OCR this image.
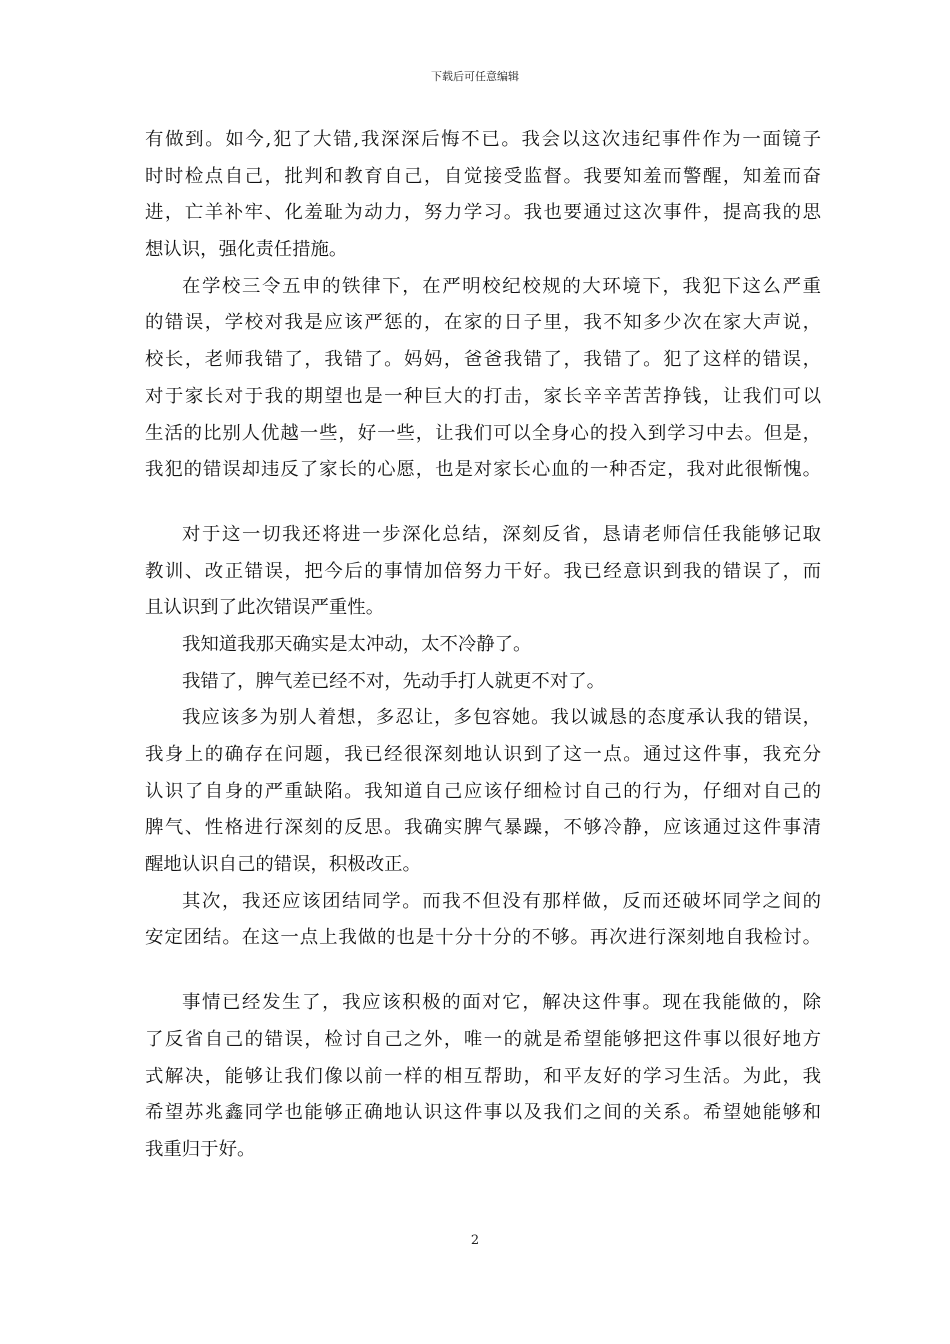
下载后可任意编辑
有做到。如今,犯了大错,我深深后悔不已。我会以这次违纪事件作为一面镜子
时时检点自己，批判和教育自己，自觉接受监督。我要知羞而警醒，知羞而奋
进，亡羊补牢、化羞耻为动力，努力学习。我也要通过这次事件，提高我的思
想认识，强化责任措施。
在学校三令五申的铁律下，在严明校纪校规的大环境下，我犯下这么严重
的错误，学校对我是应该严惩的，在家的日子里，我不知多少次在家大声说，
校长，老师我错了，我错了。妈妈，爸爸我错了，我错了。犯了这样的错误，
对于家长对于我的期望也是一种巨大的打击，家长辛辛苦苦挣钱，让我们可以
生活的比别人优越一些，好一些，让我们可以全身心的投入到学习中去。但是，
我犯的错误却违反了家长的心愿，也是对家长心血的一种否定，我对此很惭愧。
对于这一切我还将进一步深化总结，深刻反省，恳请老师信任我能够记取
教训、改正错误，把今后的事情加倍努力干好。我已经意识到我的错误了，而
且认识到了此次错误严重性。
我知道我那天确实是太冲动，太不冷静了。
我错了，脾气差已经不对，先动手打人就更不对了。
我应该多为别人着想，多忍让，多包容她。我以诚恳的态度承认我的错误，
我身上的确存在问题，我已经很深刻地认识到了这一点。通过这件事，我充分
认识了自身的严重缺陷。我知道自己应该仔细检讨自己的行为，仔细对自己的
脾气、性格进行深刻的反思。我确实脾气暴躁，不够冷静，应该通过这件事清
醒地认识自己的错误，积极改正。
其次，我还应该团结同学。而我不但没有那样做，反而还破坏同学之间的
安定团结。在这一点上我做的也是十分十分的不够。再次进行深刻地自我检讨。
事情已经发生了，我应该积极的面对它，解决这件事。现在我能做的，除
了反省自己的错误，检讨自己之外，唯一的就是希望能够把这件事以很好地方
式解决，能够让我们像以前一样的相互帮助，和平友好的学习生活。为此，我
希望苏兆鑫同学也能够正确地认识这件事以及我们之间的关系。希望她能够和
我重归于好。
2
